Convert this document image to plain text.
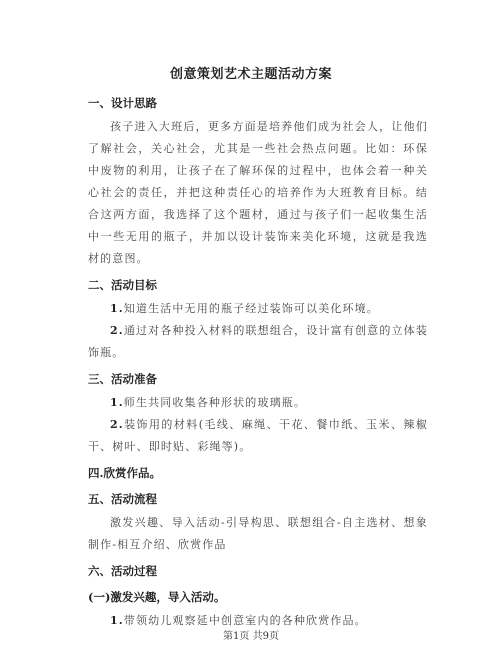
创意策划艺术主题活动方案
一、设计思路

孩子进入大班后，更多方面是培养他们成为社会人，让他们了解社会，关心社会，尤其是一些社会热点问题。比如：环保中废物的利用，让孩子在了解环保的过程中，也体会着一种关心社会的责任，并把这种责任心的培养作为大班教育目标。结合这两方面，我选择了这个题材，通过与孩子们一起收集生活中一些无用的瓶子，并加以设计装饰来美化环境，这就是我选材的意图。

二、活动目标

1.知道生活中无用的瓶子经过装饰可以美化环境。

2.通过对各种投入材料的联想组合，设计富有创意的立体装饰瓶。

三、活动准备

1.师生共同收集各种形状的玻璃瓶。

2.装饰用的材料(毛线、麻绳、干花、餐巾纸、玉米、辣椒干、树叶、即时贴、彩绳等)。

四.欣赏作品。
五、活动流程

激发兴趣、导入活动-引导构思、联想组合-自主选材、想象制作-相互介绍、欣赏作品

六、活动过程
(一)激发兴趣，导入活动。

1.带领幼儿观察延中创意室内的各种欣赏作品。

第1页 共9页
